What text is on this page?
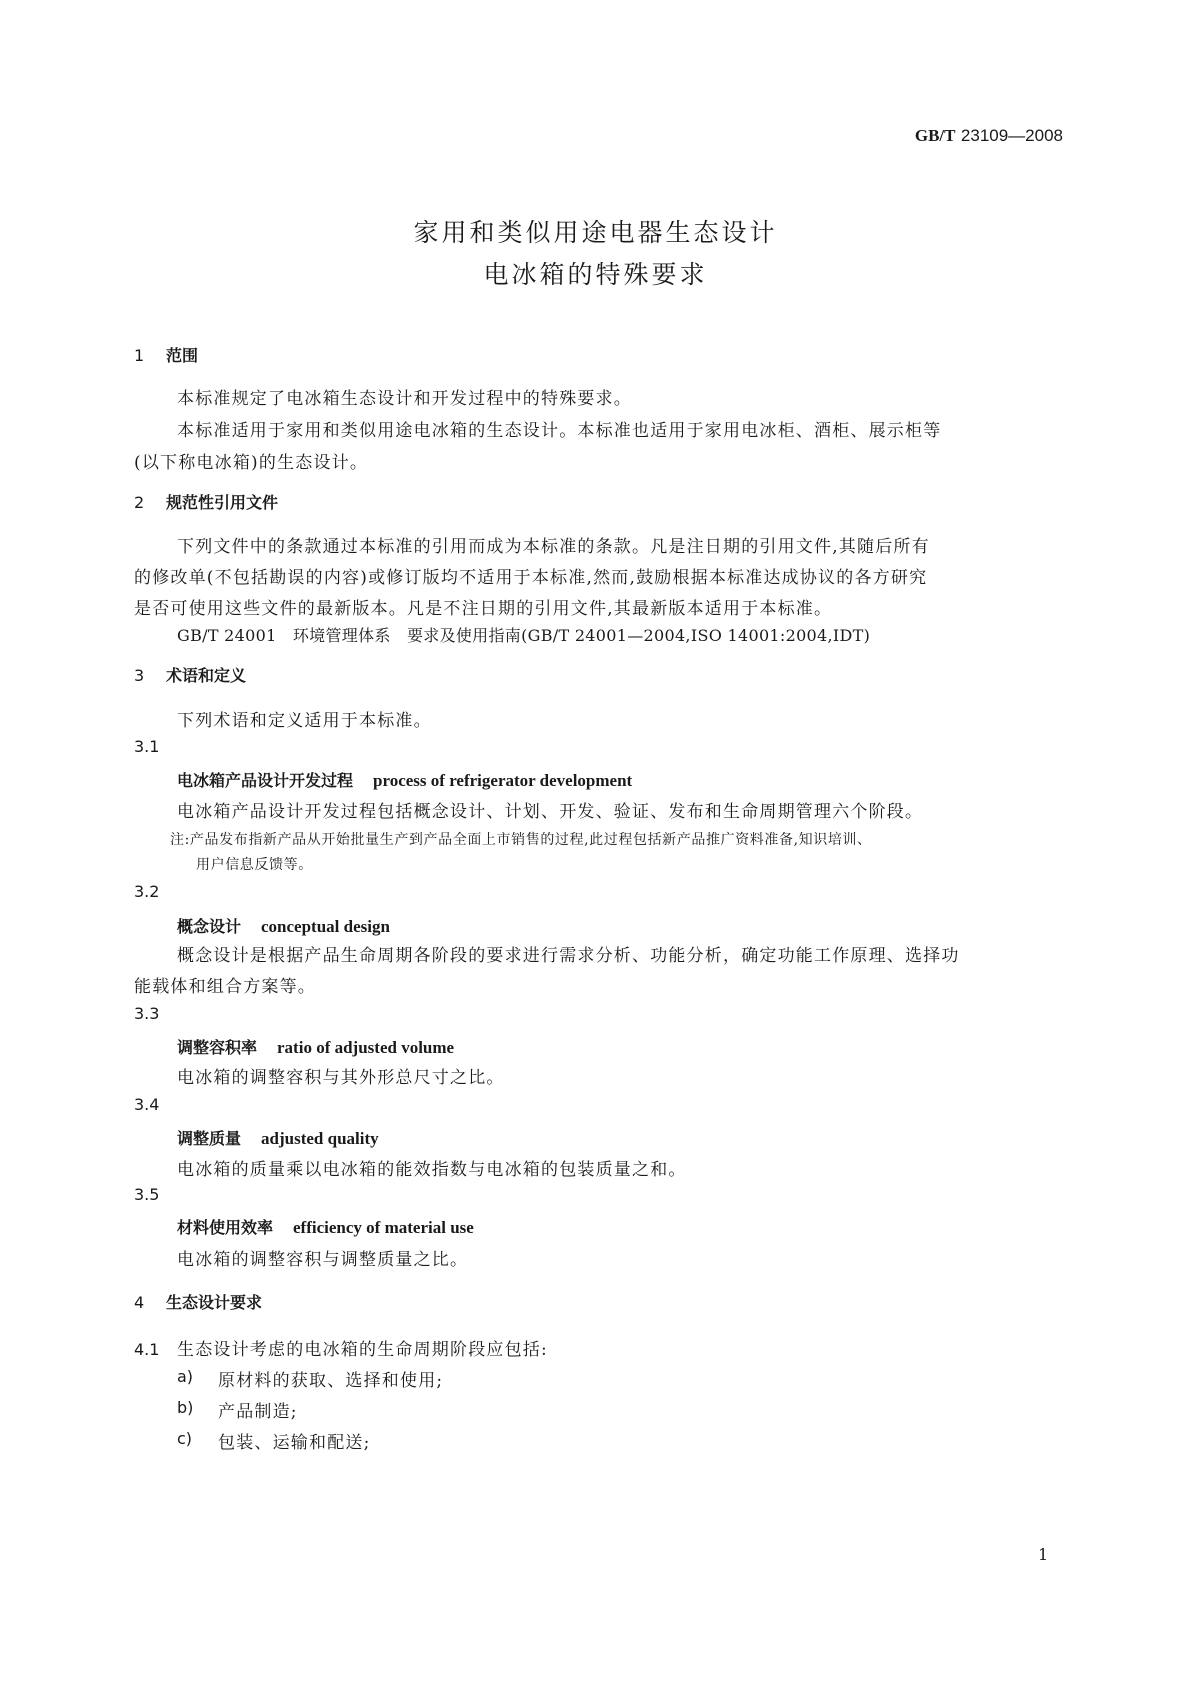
GB/T 23109—2008
家用和类似用途电器生态设计
电冰箱的特殊要求
1 范围
本标准规定了电冰箱生态设计和开发过程中的特殊要求。
本标准适用于家用和类似用途电冰箱的生态设计。本标准也适用于家用电冰柜、酒柜、展示柜等
(以下称电冰箱)的生态设计。
2 规范性引用文件
下列文件中的条款通过本标准的引用而成为本标准的条款。凡是注日期的引用文件,其随后所有
的修改单(不包括勘误的内容)或修订版均不适用于本标准,然而,鼓励根据本标准达成协议的各方研究
是否可使用这些文件的最新版本。凡是不注日期的引用文件,其最新版本适用于本标准。
GB/T 24001　环境管理体系　要求及使用指南(GB/T 24001—2004,ISO 14001:2004,IDT)
3 术语和定义
下列术语和定义适用于本标准。
3.1
电冰箱产品设计开发过程 process of refrigerator development
电冰箱产品设计开发过程包括概念设计、计划、开发、验证、发布和生命周期管理六个阶段。
注:产品发布指新产品从开始批量生产到产品全面上市销售的过程,此过程包括新产品推广资料准备,知识培训、
用户信息反馈等。
3.2
概念设计 conceptual design
概念设计是根据产品生命周期各阶段的要求进行需求分析、功能分析，确定功能工作原理、选择功
能载体和组合方案等。
3.3
调整容积率 ratio of adjusted volume
电冰箱的调整容积与其外形总尺寸之比。
3.4
调整质量 adjusted quality
电冰箱的质量乘以电冰箱的能效指数与电冰箱的包装质量之和。
3.5
材料使用效率 efficiency of material use
电冰箱的调整容积与调整质量之比。
4 生态设计要求
4.1 生态设计考虑的电冰箱的生命周期阶段应包括:
a) 原材料的获取、选择和使用;
b) 产品制造;
c) 包装、运输和配送;
1
